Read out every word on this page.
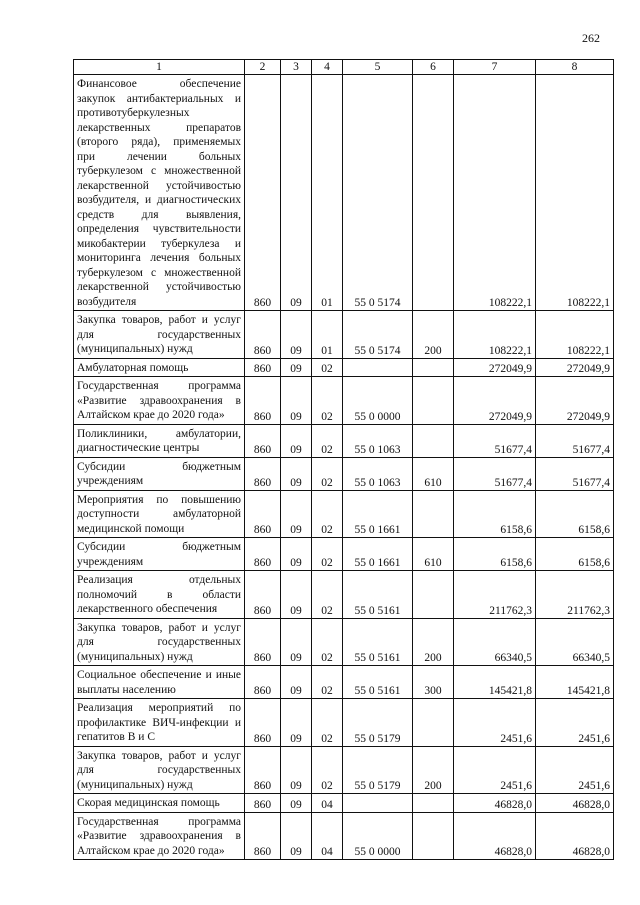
262
1	2	3	4	5	6	7	8

Финансовое обеспечение закупок антибактериальных и противотуберкулезных лекарственных препаратов (второго ряда), применяемых при лечении больных туберкулезом с множественной лекарственной устойчивостью возбудителя, и диагностических средств для выявления, определения чувствительности микобактерии туберкулеза и мониторинга лечения больных туберкулезом с множественной лекарственной устойчивостью возбудителя	860	09	01	55 0 5174		108222,1	108222,1

Закупка товаров, работ и услуг для государственных (муниципальных) нужд	860	09	01	55 0 5174	200	108222,1	108222,1

Амбулаторная помощь	860	09	02			272049,9	272049,9

Государственная программа «Развитие здравоохранения в Алтайском крае до 2020 года»	860	09	02	55 0 0000		272049,9	272049,9

Поликлиники, амбулатории, диагностические центры	860	09	02	55 0 1063		51677,4	51677,4

Субсидии бюджетным учреждениям	860	09	02	55 0 1063	610	51677,4	51677,4

Мероприятия по повышению доступности амбулаторной медицинской помощи	860	09	02	55 0 1661		6158,6	6158,6

Субсидии бюджетным учреждениям	860	09	02	55 0 1661	610	6158,6	6158,6

Реализация отдельных полномочий в области лекарственного обеспечения	860	09	02	55 0 5161		211762,3	211762,3

Закупка товаров, работ и услуг для государственных (муниципальных) нужд	860	09	02	55 0 5161	200	66340,5	66340,5

Социальное обеспечение и иные выплаты населению	860	09	02	55 0 5161	300	145421,8	145421,8

Реализация мероприятий по профилактике ВИЧ-инфекции и гепатитов В и С	860	09	02	55 0 5179		2451,6	2451,6

Закупка товаров, работ и услуг для государственных (муниципальных) нужд	860	09	02	55 0 5179	200	2451,6	2451,6

Скорая медицинская помощь	860	09	04			46828,0	46828,0

Государственная программа «Развитие здравоохранения в Алтайском крае до 2020 года»	860	09	04	55 0 0000		46828,0	46828,0
